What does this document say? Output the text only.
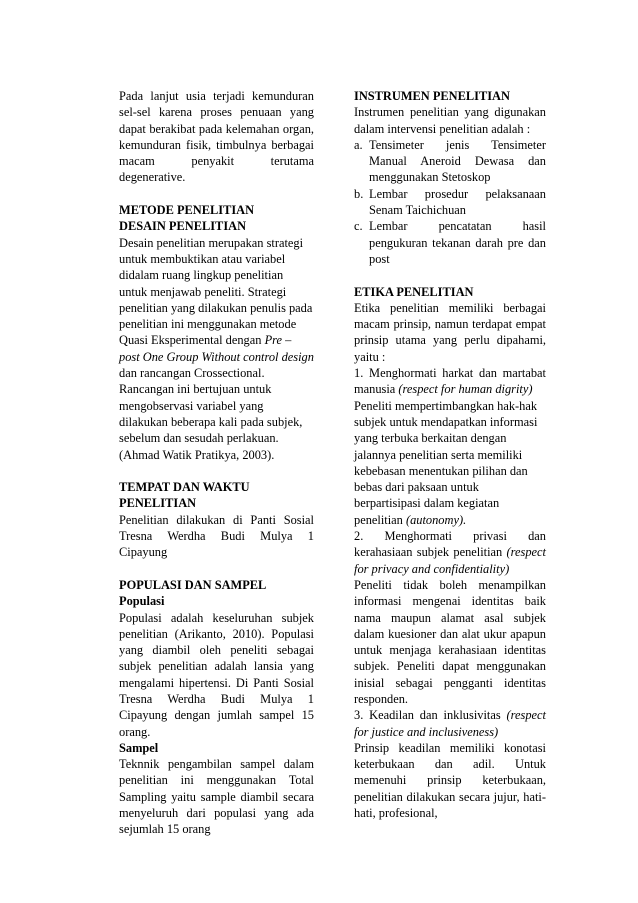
Pada lanjut usia terjadi kemunduran sel-sel karena proses penuaan yang dapat berakibat pada kelemahan organ, kemunduran fisik, timbulnya berbagai macam penyakit terutama degenerative.

METODE PENELITIAN

DESAIN PENELITIAN

Desain penelitian merupakan strategi untuk membuktikan atau variabel didalam ruang lingkup penelitian untuk menjawab peneliti. Strategi penelitian yang dilakukan penulis pada penelitian ini menggunakan metode Quasi Eksperimental dengan Pre – post One Group Without control design dan rancangan Crossectional. Rancangan ini bertujuan untuk mengobservasi variabel yang dilakukan beberapa kali pada subjek, sebelum dan sesudah perlakuan. (Ahmad Watik Pratikya, 2003).

TEMPAT DAN WAKTU PENELITIAN

Penelitian dilakukan di Panti Sosial Tresna Werdha Budi Mulya 1 Cipayung

POPULASI DAN SAMPEL

Populasi

Populasi adalah keseluruhan subjek penelitian (Arikanto, 2010). Populasi yang diambil oleh peneliti sebagai subjek penelitian adalah lansia yang mengalami hipertensi. Di Panti Sosial Tresna Werdha Budi Mulya 1 Cipayung dengan jumlah sampel 15 orang.

Sampel

Teknnik pengambilan sampel dalam penelitian ini menggunakan Total Sampling yaitu sample diambil secara menyeluruh dari populasi yang ada sejumlah 15 orang

INSTRUMEN PENELITIAN

Instrumen penelitian yang digunakan dalam intervensi penelitian adalah :

a. Tensimeter jenis Tensimeter Manual Aneroid Dewasa dan menggunakan Stetoskop
b. Lembar prosedur pelaksanaan Senam Taichichuan
c. Lembar pencatatan hasil pengukuran tekanan darah pre dan post

ETIKA PENELITIAN

Etika penelitian memiliki berbagai macam prinsip, namun terdapat empat prinsip utama yang perlu dipahami, yaitu :

1. Menghormati harkat dan martabat manusia (respect for human digrity)

Peneliti mempertimbangkan hak-hak subjek untuk mendapatkan informasi yang terbuka berkaitan dengan jalannya penelitian serta memiliki kebebasan menentukan pilihan dan bebas dari paksaan untuk berpartisipasi dalam kegiatan penelitian (autonomy).

2. Menghormati privasi dan kerahasiaan subjek penelitian (respect for privacy and confidentiality)

Peneliti tidak boleh menampilkan informasi mengenai identitas baik nama maupun alamat asal subjek dalam kuesioner dan alat ukur apapun untuk menjaga kerahasiaan identitas subjek. Peneliti dapat menggunakan inisial sebagai pengganti identitas responden.

3. Keadilan dan inklusivitas (respect for justice and inclusiveness)

Prinsip keadilan memiliki konotasi keterbukaan dan adil. Untuk memenuhi prinsip keterbukaan, penelitian dilakukan secara jujur, hati-hati, profesional,
